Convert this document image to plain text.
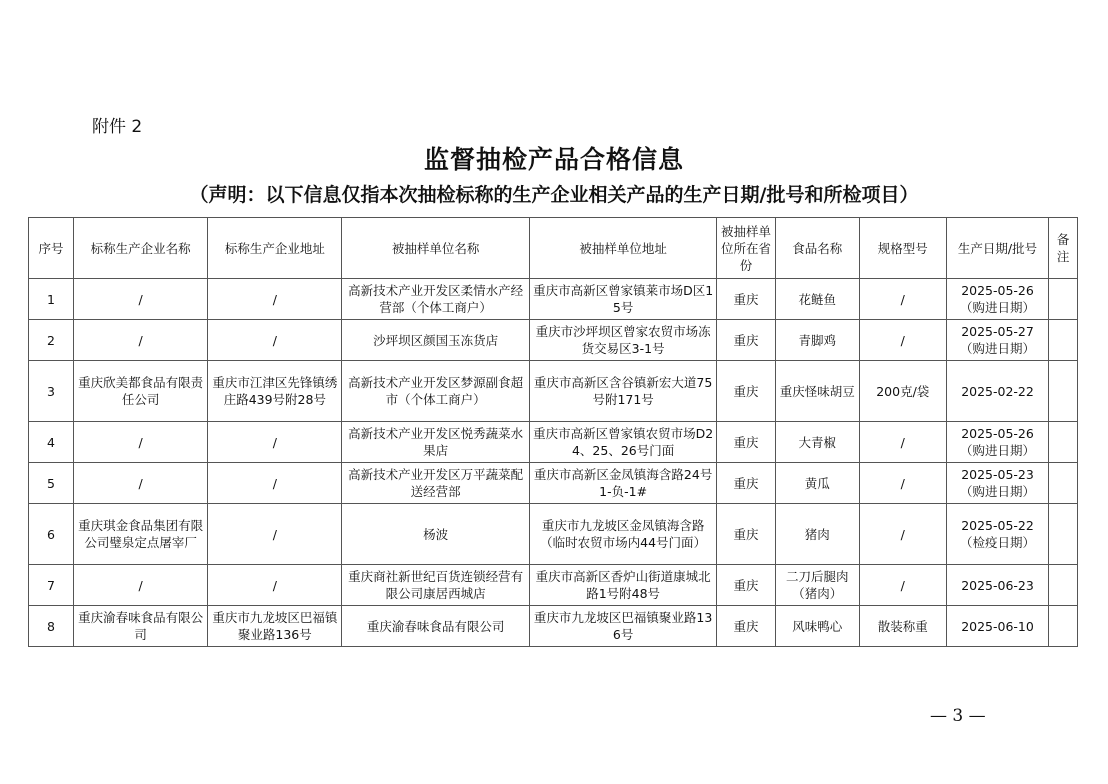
附件 2
监督抽检产品合格信息
（声明：以下信息仅指本次抽检标称的生产企业相关产品的生产日期/批号和所检项目）
序号	标称生产企业名称	标称生产企业地址	被抽样单位名称	被抽样单位地址	被抽样单位所在省份	食品名称	规格型号	生产日期/批号	备注
1	/	/	高新技术产业开发区柔情水产经营部（个体工商户）	重庆市高新区曾家镇莱市场D区15号	重庆	花鲢鱼	/	2025-05-26（购进日期）	
2	/	/	沙坪坝区颜国玉冻货店	重庆市沙坪坝区曾家农贸市场冻货交易区3-1号	重庆	青脚鸡	/	2025-05-27（购进日期）	
3	重庆欣美都食品有限责任公司	重庆市江津区先锋镇绣庄路439号附28号	高新技术产业开发区梦源副食超市（个体工商户）	重庆市高新区含谷镇新宏大道75号附171号	重庆	重庆怪味胡豆	200克/袋	2025-02-22	
4	/	/	高新技术产业开发区悦秀蔬菜水果店	重庆市高新区曾家镇农贸市场D24、25、26号门面	重庆	大青椒	/	2025-05-26（购进日期）	
5	/	/	高新技术产业开发区万平蔬菜配送经营部	重庆市高新区金凤镇海含路24号1-负-1#	重庆	黄瓜	/	2025-05-23（购进日期）	
6	重庆琪金食品集团有限公司璧泉定点屠宰厂	/	杨波	重庆市九龙坡区金凤镇海含路（临时农贸市场内44号门面）	重庆	猪肉	/	2025-05-22（检疫日期）	
7	/	/	重庆商社新世纪百货连锁经营有限公司康居西城店	重庆市高新区香炉山街道康城北路1号附48号	重庆	二刀后腿肉（猪肉）	/	2025-06-23	
8	重庆渝春味食品有限公司	重庆市九龙坡区巴福镇聚业路136号	重庆渝春味食品有限公司	重庆市九龙坡区巴福镇聚业路136号	重庆	风味鸭心	散装称重	2025-06-10	
— 3 —
